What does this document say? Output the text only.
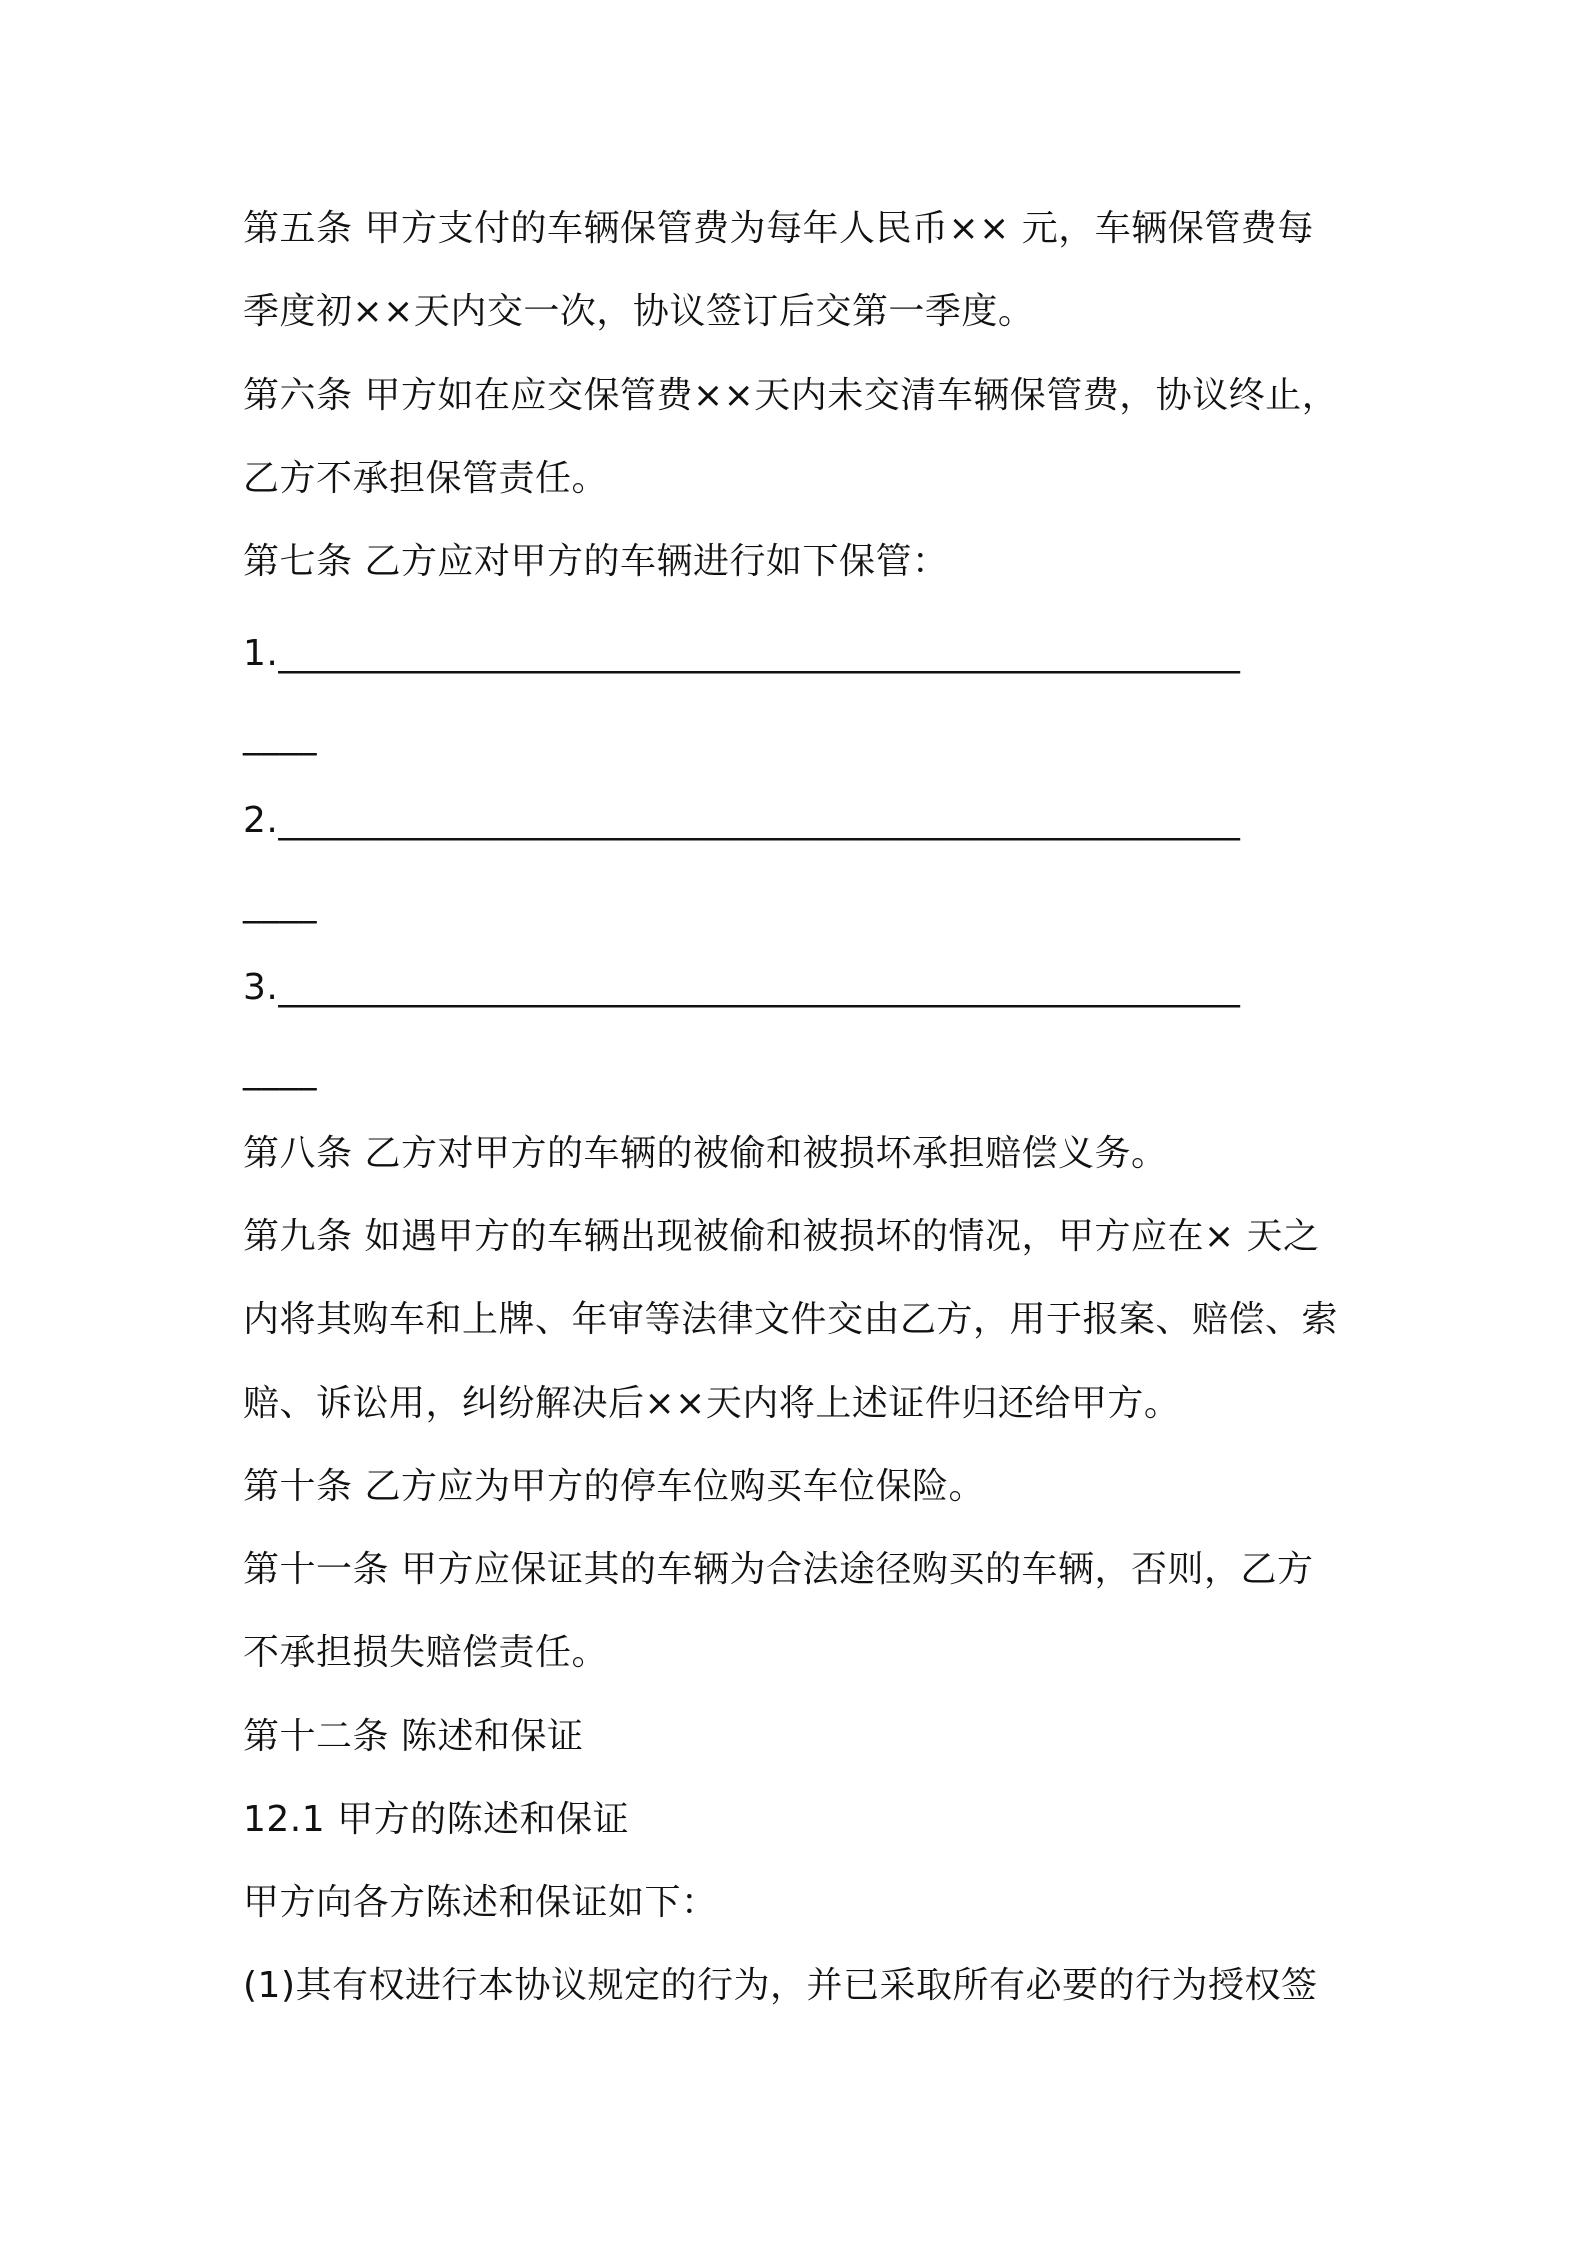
第五条 甲方支付的车辆保管费为每年人民币×× 元，车辆保管费每
季度初××天内交一次，协议签订后交第一季度。
第六条 甲方如在应交保管费××天内未交清车辆保管费，协议终止，
乙方不承担保管责任。
第七条 乙方应对甲方的车辆进行如下保管：
1.____________________________________________________
____
2.____________________________________________________
____
3.____________________________________________________
____
第八条 乙方对甲方的车辆的被偷和被损坏承担赔偿义务。
第九条 如遇甲方的车辆出现被偷和被损坏的情况，甲方应在× 天之
内将其购车和上牌、年审等法律文件交由乙方，用于报案、赔偿、索
赔、诉讼用，纠纷解决后××天内将上述证件归还给甲方。
第十条 乙方应为甲方的停车位购买车位保险。
第十一条 甲方应保证其的车辆为合法途径购买的车辆，否则，乙方
不承担损失赔偿责任。
第十二条 陈述和保证
12.1 甲方的陈述和保证
甲方向各方陈述和保证如下：
(1)其有权进行本协议规定的行为，并已采取所有必要的行为授权签
